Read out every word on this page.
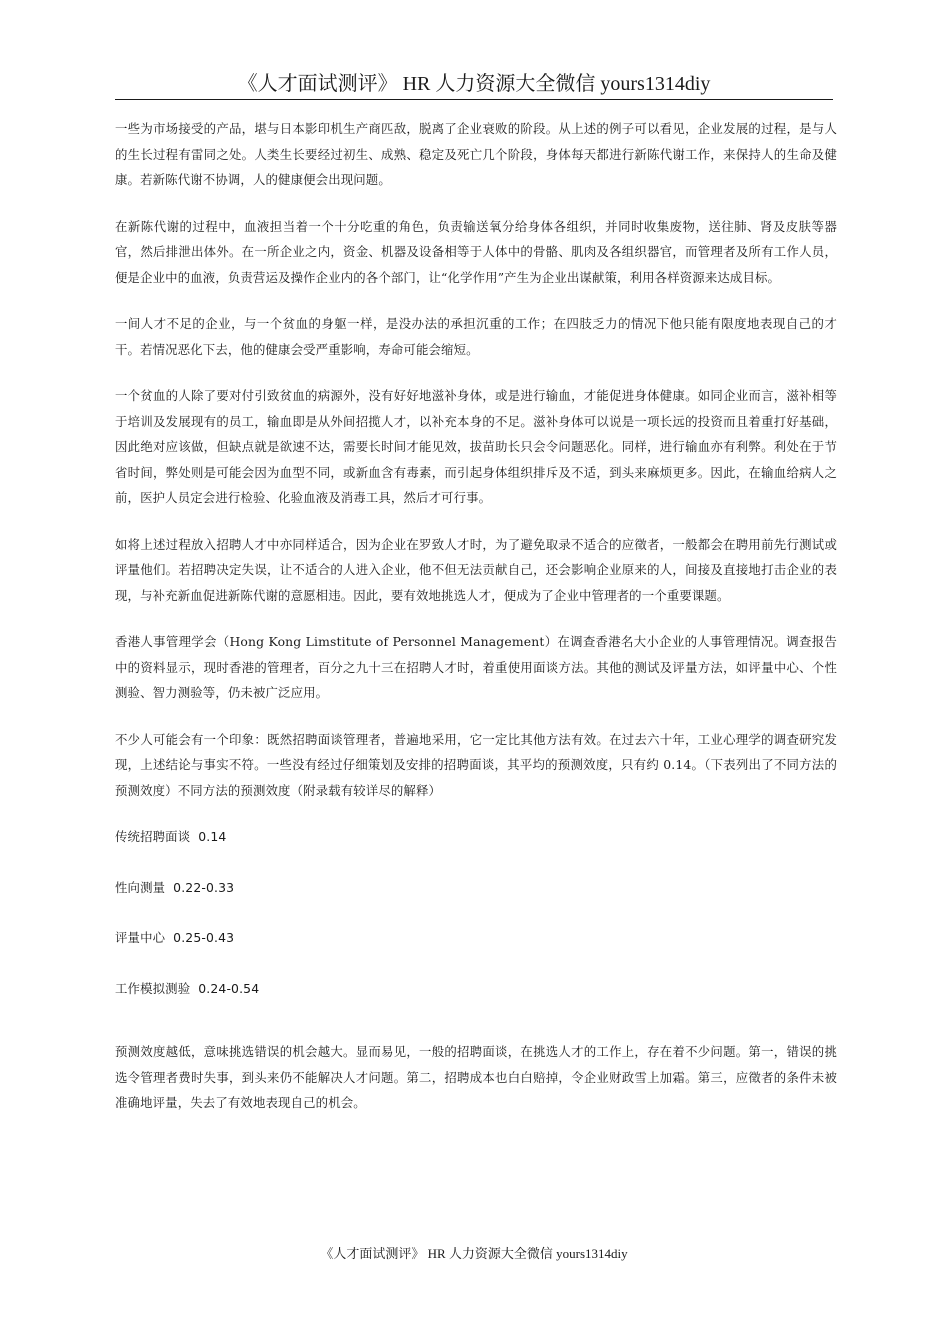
《人才面试测评》 HR 人力资源大全微信 yours1314diy

一些为市场接受的产品，堪与日本影印机生产商匹敌，脱离了企业衰败的阶段。从上述的例子可以看见，企业发展的过程，是与人的生长过程有雷同之处。人类生长要经过初生、成熟、稳定及死亡几个阶段，身体每天都进行新陈代谢工作，来保持人的生命及健康。若新陈代谢不协调，人的健康便会出现问题。

在新陈代谢的过程中，血液担当着一个十分吃重的角色，负责输送氧分给身体各组织，并同时收集废物，送往肺、肾及皮肤等器官，然后排泄出体外。在一所企业之内，资金、机器及设备相等于人体中的骨骼、肌肉及各组织器官，而管理者及所有工作人员，便是企业中的血液，负责营运及操作企业内的各个部门，让“化学作用”产生为企业出谋献策，利用各样资源来达成目标。

一间人才不足的企业，与一个贫血的身躯一样，是没办法的承担沉重的工作；在四肢乏力的情况下他只能有限度地表现自己的才干。若情况恶化下去，他的健康会受严重影响，寿命可能会缩短。

一个贫血的人除了要对付引致贫血的病源外，没有好好地滋补身体，或是进行输血，才能促进身体健康。如同企业而言，滋补相等于培训及发展现有的员工，输血即是从外间招揽人才，以补充本身的不足。滋补身体可以说是一项长远的投资而且着重打好基础，因此绝对应该做，但缺点就是欲速不达，需要长时间才能见效，拔苗助长只会令问题恶化。同样，进行输血亦有利弊。利处在于节省时间，弊处则是可能会因为血型不同，或新血含有毒素，而引起身体组织排斥及不适，到头来麻烦更多。因此，在输血给病人之前，医护人员定会进行检验、化验血液及消毒工具，然后才可行事。

如将上述过程放入招聘人才中亦同样适合，因为企业在罗致人才时，为了避免取录不适合的应徵者，一般都会在聘用前先行测试或评量他们。若招聘决定失误，让不适合的人进入企业，他不但无法贡献自己，还会影响企业原来的人，间接及直接地打击企业的表现，与补充新血促进新陈代谢的意愿相违。因此，要有效地挑选人才，便成为了企业中管理者的一个重要课题。

香港人事管理学会（Hong Kong Limstitute of Personnel Management）在调查香港名大小企业的人事管理情况。调查报告中的资料显示，现时香港的管理者，百分之九十三在招聘人才时，着重使用面谈方法。其他的测试及评量方法，如评量中心、个性测验、智力测验等，仍未被广泛应用。

不少人可能会有一个印象：既然招聘面谈管理者，普遍地采用，它一定比其他方法有效。在过去六十年，工业心理学的调查研究发现，上述结论与事实不符。一些没有经过仔细策划及安排的招聘面谈，其平均的预测效度，只有约 0.14。（下表列出了不同方法的预测效度）不同方法的预测效度（附录载有较详尽的解释）

传统招聘面谈 0.14
性向测量 0.22-0.33
评量中心 0.25-0.43
工作模拟测验 0.24-0.54

预测效度越低，意味挑选错误的机会越大。显而易见，一般的招聘面谈，在挑选人才的工作上，存在着不少问题。第一，错误的挑选令管理者费时失事，到头来仍不能解决人才问题。第二，招聘成本也白白赔掉，令企业财政雪上加霜。第三，应徵者的条件未被准确地评量，失去了有效地表现自己的机会。

《人才面试测评》 HR 人力资源大全微信 yours1314diy
